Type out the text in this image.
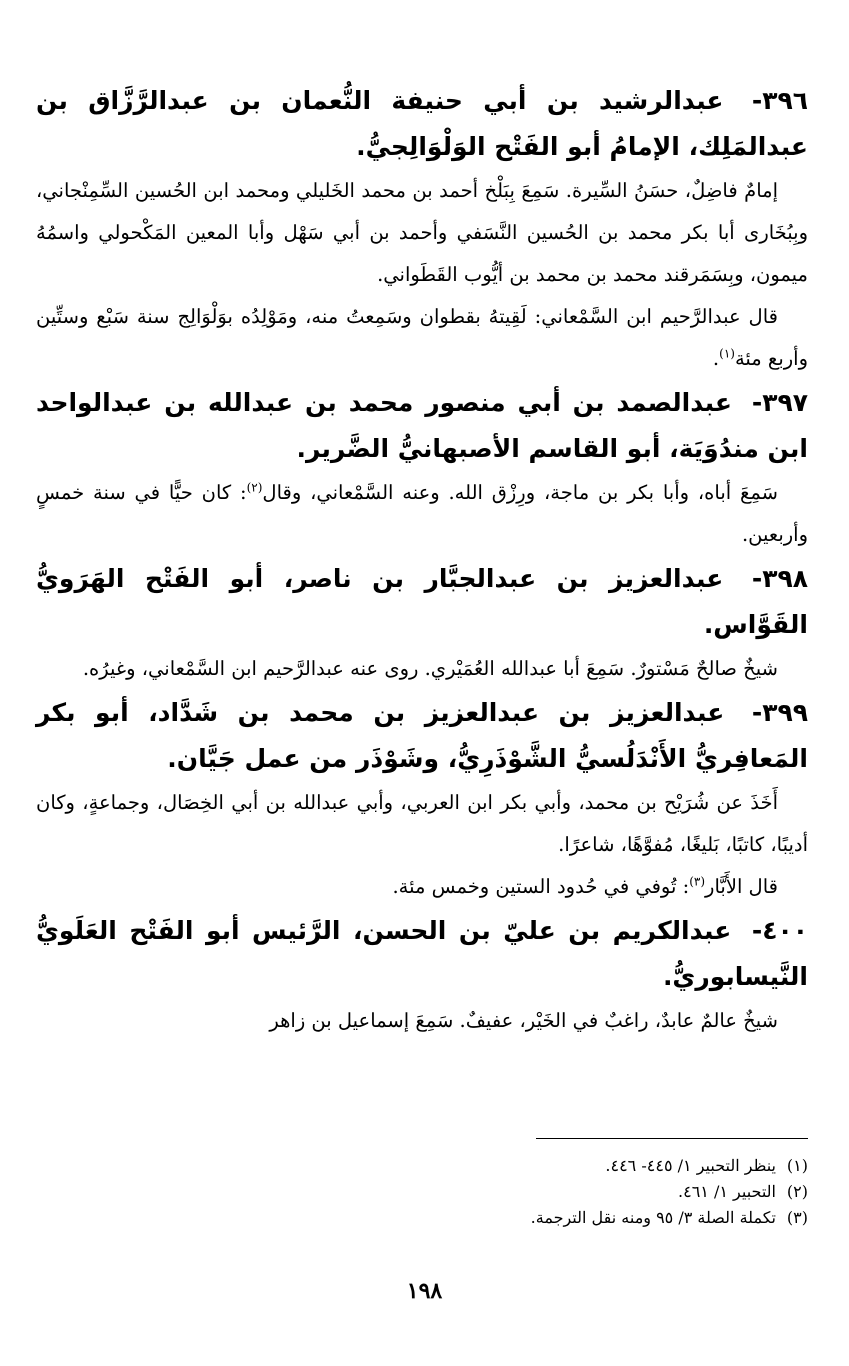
٣٩٦- عبدالرشيد بن أبي حنيفة النُّعمان بن عبدالرَّزَّاق بن عبدالمَلِك، الإمامُ أبو الفَتْح الوَلْوَالِجيُّ.

إمامٌ فاضِلٌ، حسَنُ السِّيرة. سَمِعَ بِبَلْخ أحمد بن محمد الخَليلي ومحمد ابن الحُسين السِّمِنْجاني، وبِبُخَارى أبا بكر محمد بن الحُسين النَّسَفي وأحمد بن أبي سَهْل وأبا المعين المَكْحولي واسمُهُ ميمون، وبِسَمَرقند محمد بن محمد بن أيُّوب القَطَواني.

قال عبدالرَّحيم ابن السَّمْعاني: لَقِيتهُ بقطوان وسَمِعتُ منه، ومَوْلِدُه بوَلْوَالِج سنة سَبْع وستِّين وأربع مئة$^{(١)}$.

٣٩٧- عبدالصمد بن أبي منصور محمد بن عبدالله بن عبدالواحد ابن مندُوَيَة، أبو القاسم الأصبهانيُّ الضَّرير.

سَمِعَ أباه، وأبا بكر بن ماجة، ورِزْق الله. وعنه السَّمْعاني، وقال$^{(٢)}$: كان حيًّا في سنة خمسٍ وأربعين.

٣٩٨- عبدالعزيز بن عبدالجبَّار بن ناصر، أبو الفَتْح الهَرَويُّ القَوَّاس.

شيخٌ صالحٌ مَسْتورٌ. سَمِعَ أبا عبدالله العُمَيْري. روى عنه عبدالرَّحيم ابن السَّمْعاني، وغيرُه.

٣٩٩- عبدالعزيز بن عبدالعزيز بن محمد بن شَدَّاد، أبو بكر المَعافِريُّ الأَنْدَلُسيُّ الشَّوْذَرِيُّ، وشَوْذَر من عمل جَيَّان.

أَخَذَ عن شُرَيْح بن محمد، وأبي بكر ابن العربي، وأبي عبدالله بن أبي الخِصَال، وجماعةٍ، وكان أديبًا، كاتبًا، بَليغًا، مُفوَّهًا، شاعرًا.

قال الأَبَّار$^{(٣)}$: تُوفي في حُدود الستين وخمس مئة.

٤٠٠- عبدالكريم بن عليّ بن الحسن، الرَّئيس أبو الفَتْح العَلَويُّ النَّيسابوريُّ.

شيخٌ عالمٌ عابدٌ، راغبٌ في الخَيْر، عفيفٌ. سَمِعَ إسماعيل بن زاهر

(١)ينظر التحبير ١/ ٤٤٥- ٤٤٦.

(٢)التحبير ١/ ٤٦١.

(٣)تكملة الصلة ٣/ ٩٥ ومنه نقل الترجمة.

١٩٨
